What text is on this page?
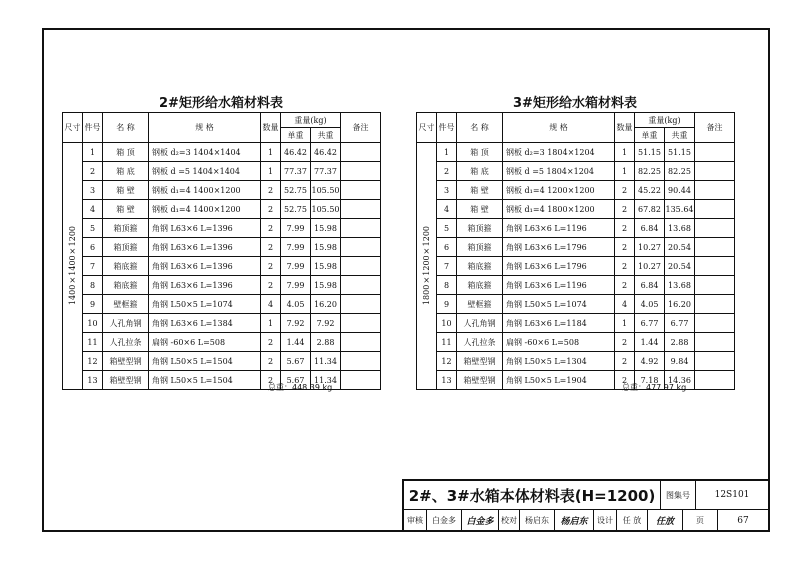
2#矩形给水箱材料表
尺寸	件号	名 称	规 格	数量	重量(kg)		备注
					单重	共重	

1400×1400×1200	1	箱 顶	钢板 d₂=3 1404×1404	1	46.42	46.42	
	2	箱 底	钢板 d =5 1404×1404	1	77.37	77.37	
	3	箱 壁	钢板 d₁=4 1400×1200	2	52.75	105.50	
	4	箱 壁	钢板 d₁=4 1400×1200	2	52.75	105.50	
	5	箱顶箍	角钢 L63×6 L=1396	2	7.99	15.98	
	6	箱顶箍	角钢 L63×6 L=1396	2	7.99	15.98	
	7	箱底箍	角钢 L63×6 L=1396	2	7.99	15.98	
	8	箱底箍	角钢 L63×6 L=1396	2	7.99	15.98	
	9	壁框箍	角钢 L50×5 L=1074	4	4.05	16.20	
	10	人孔角钢	角钢 L63×6 L=1384	1	7.92	7.92	
	11	人孔拉条	扁钢 -60×6 L=508	2	1.44	2.88	
	12	箱壁型钢	角钢 L50×5 L=1504	2	5.67	11.34	
	13	箱壁型钢	角钢 L50×5 L=1504	2	5.67	11.34	
总重：448.39 kg
3#矩形给水箱材料表
尺寸	件号	名 称	规 格	数量	重量(kg)		备注
					单重	共重	

1800×1200×1200	1	箱 顶	钢板 d₂=3 1804×1204	1	51.15	51.15	
	2	箱 底	钢板 d =5 1804×1204	1	82.25	82.25	
	3	箱 壁	钢板 d₁=4 1200×1200	2	45.22	90.44	
	4	箱 壁	钢板 d₁=4 1800×1200	2	67.82	135.64	
	5	箱顶箍	角钢 L63×6 L=1196	2	6.84	13.68	
	6	箱顶箍	角钢 L63×6 L=1796	2	10.27	20.54	
	7	箱底箍	角钢 L63×6 L=1796	2	10.27	20.54	
	8	箱底箍	角钢 L63×6 L=1196	2	6.84	13.68	
	9	壁框箍	角钢 L50×5 L=1074	4	4.05	16.20	
	10	人孔角钢	角钢 L63×6 L=1184	1	6.77	6.77	
	11	人孔拉条	扁钢 -60×6 L=508	2	1.44	2.88	
	12	箱壁型钢	角钢 L50×5 L=1304	2	4.92	9.84	
	13	箱壁型钢	角钢 L50×5 L=1904	2	7.18	14.36	
总重：477.97 kg
2#、3#水箱本体材料表(H=1200)	图集号	12S101
审核	白金多	白金多 校对	杨启东	杨启东	设计	任 放	任放	页	67
